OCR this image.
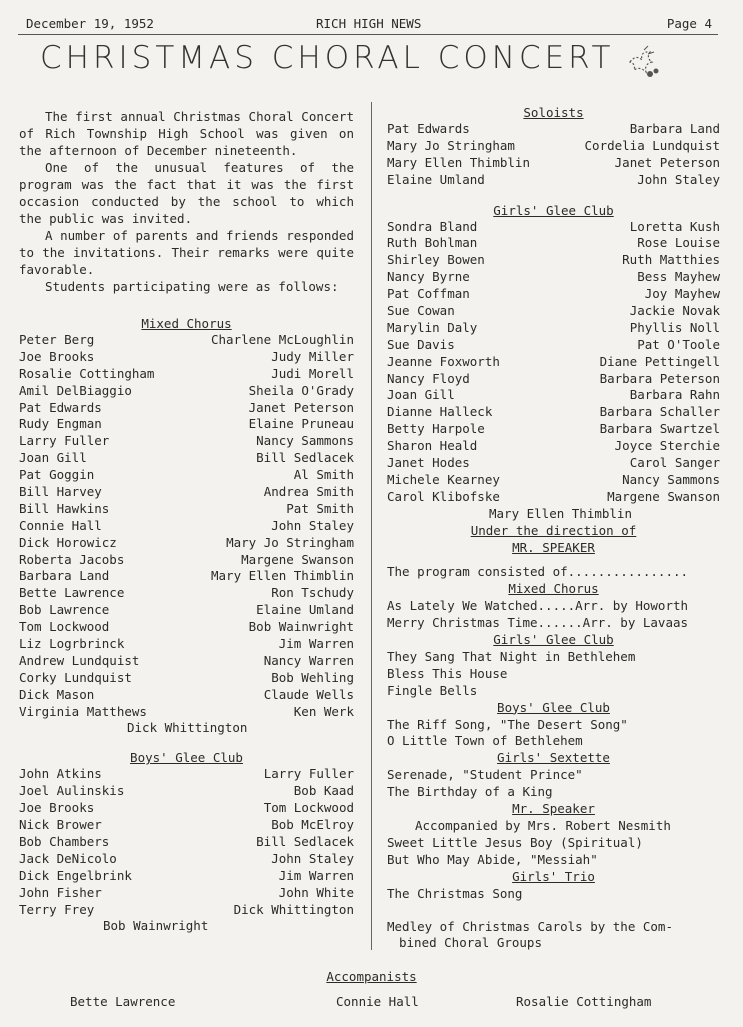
December 19, 1952	RICH HIGH NEWS	Page 4
CHRISTMAS CHORAL CONCERT

The first annual Christmas Choral Concert of Rich Township High School was given on the afternoon of December nineteenth.

One of the unusual features of the program was the fact that it was the first occasion conducted by the school to which the public was invited.

A number of parents and friends responded to the invitations. Their remarks were quite favorable.

Students participating were as follows:

Mixed Chorus
Peter Berg	Charlene McLoughlin
Joe Brooks	Judy Miller
Rosalie Cottingham	Judi Morell
Amil DelBiaggio	Sheila O'Grady
Pat Edwards	Janet Peterson
Rudy Engman	Elaine Pruneau
Larry Fuller	Nancy Sammons
Joan Gill	Bill Sedlacek
Pat Goggin	Al Smith
Bill Harvey	Andrea Smith
Bill Hawkins	Pat Smith
Connie Hall	John Staley
Dick Horowicz	Mary Jo Stringham
Roberta Jacobs	Margene Swanson
Barbara Land	Mary Ellen Thimblin
Bette Lawrence	Ron Tschudy
Bob Lawrence	Elaine Umland
Tom Lockwood	Bob Wainwright
Liz Logrbrinck	Jim Warren
Andrew Lundquist	Nancy Warren
Corky Lundquist	Bob Wehling
Dick Mason	Claude Wells
Virginia Matthews	Ken Werk
Dick Whittington
Boys' Glee Club
John Atkins	Larry Fuller
Joel Aulinskis	Bob Kaad
Joe Brooks	Tom Lockwood
Nick Brower	Bob McElroy
Bob Chambers	Bill Sedlacek
Jack DeNicolo	John Staley
Dick Engelbrink	Jim Warren
John Fisher	John White
Terry Frey	Dick Whittington
Bob Wainwright
Soloists
Pat Edwards	Barbara Land
Mary Jo Stringham	Cordelia Lundquist
Mary Ellen Thimblin	Janet Peterson
Elaine Umland	John Staley
Girls' Glee Club
Sondra Bland	Loretta Kush
Ruth Bohlman	Rose Louise
Shirley Bowen	Ruth Matthies
Nancy Byrne	Bess Mayhew
Pat Coffman	Joy Mayhew
Sue Cowan	Jackie Novak
Marylin Daly	Phyllis Noll
Sue Davis	Pat O'Toole
Jeanne Foxworth	Diane Pettingell
Nancy Floyd	Barbara Peterson
Joan Gill	Barbara Rahn
Dianne Halleck	Barbara Schaller
Betty Harpole	Barbara Swartzel
Sharon Heald	Joyce Sterchie
Janet Hodes	Carol Sanger
Michele Kearney	Nancy Sammons
Carol Klibofske	Margene Swanson
Mary Ellen Thimblin
Under the direction of
MR. SPEAKER
The program consisted of................
Mixed Chorus
As Lately We Watched.....Arr. by Howorth
Merry Christmas Time......Arr. by Lavaas
Girls' Glee Club
They Sang That Night in Bethlehem
Bless This House
Fingle Bells
Boys' Glee Club
The Riff Song, "The Desert Song"
O Little Town of Bethlehem
Girls' Sextette
Serenade, "Student Prince"
The Birthday of a King
Mr. Speaker
Accompanied by Mrs. Robert Nesmith
Sweet Little Jesus Boy (Spiritual)
But Who May Abide, "Messiah"
Girls' Trio
The Christmas Song
Medley of Christmas Carols by the Com-
bined Choral Groups
Accompanists
Bette Lawrence	Connie Hall	Rosalie Cottingham
